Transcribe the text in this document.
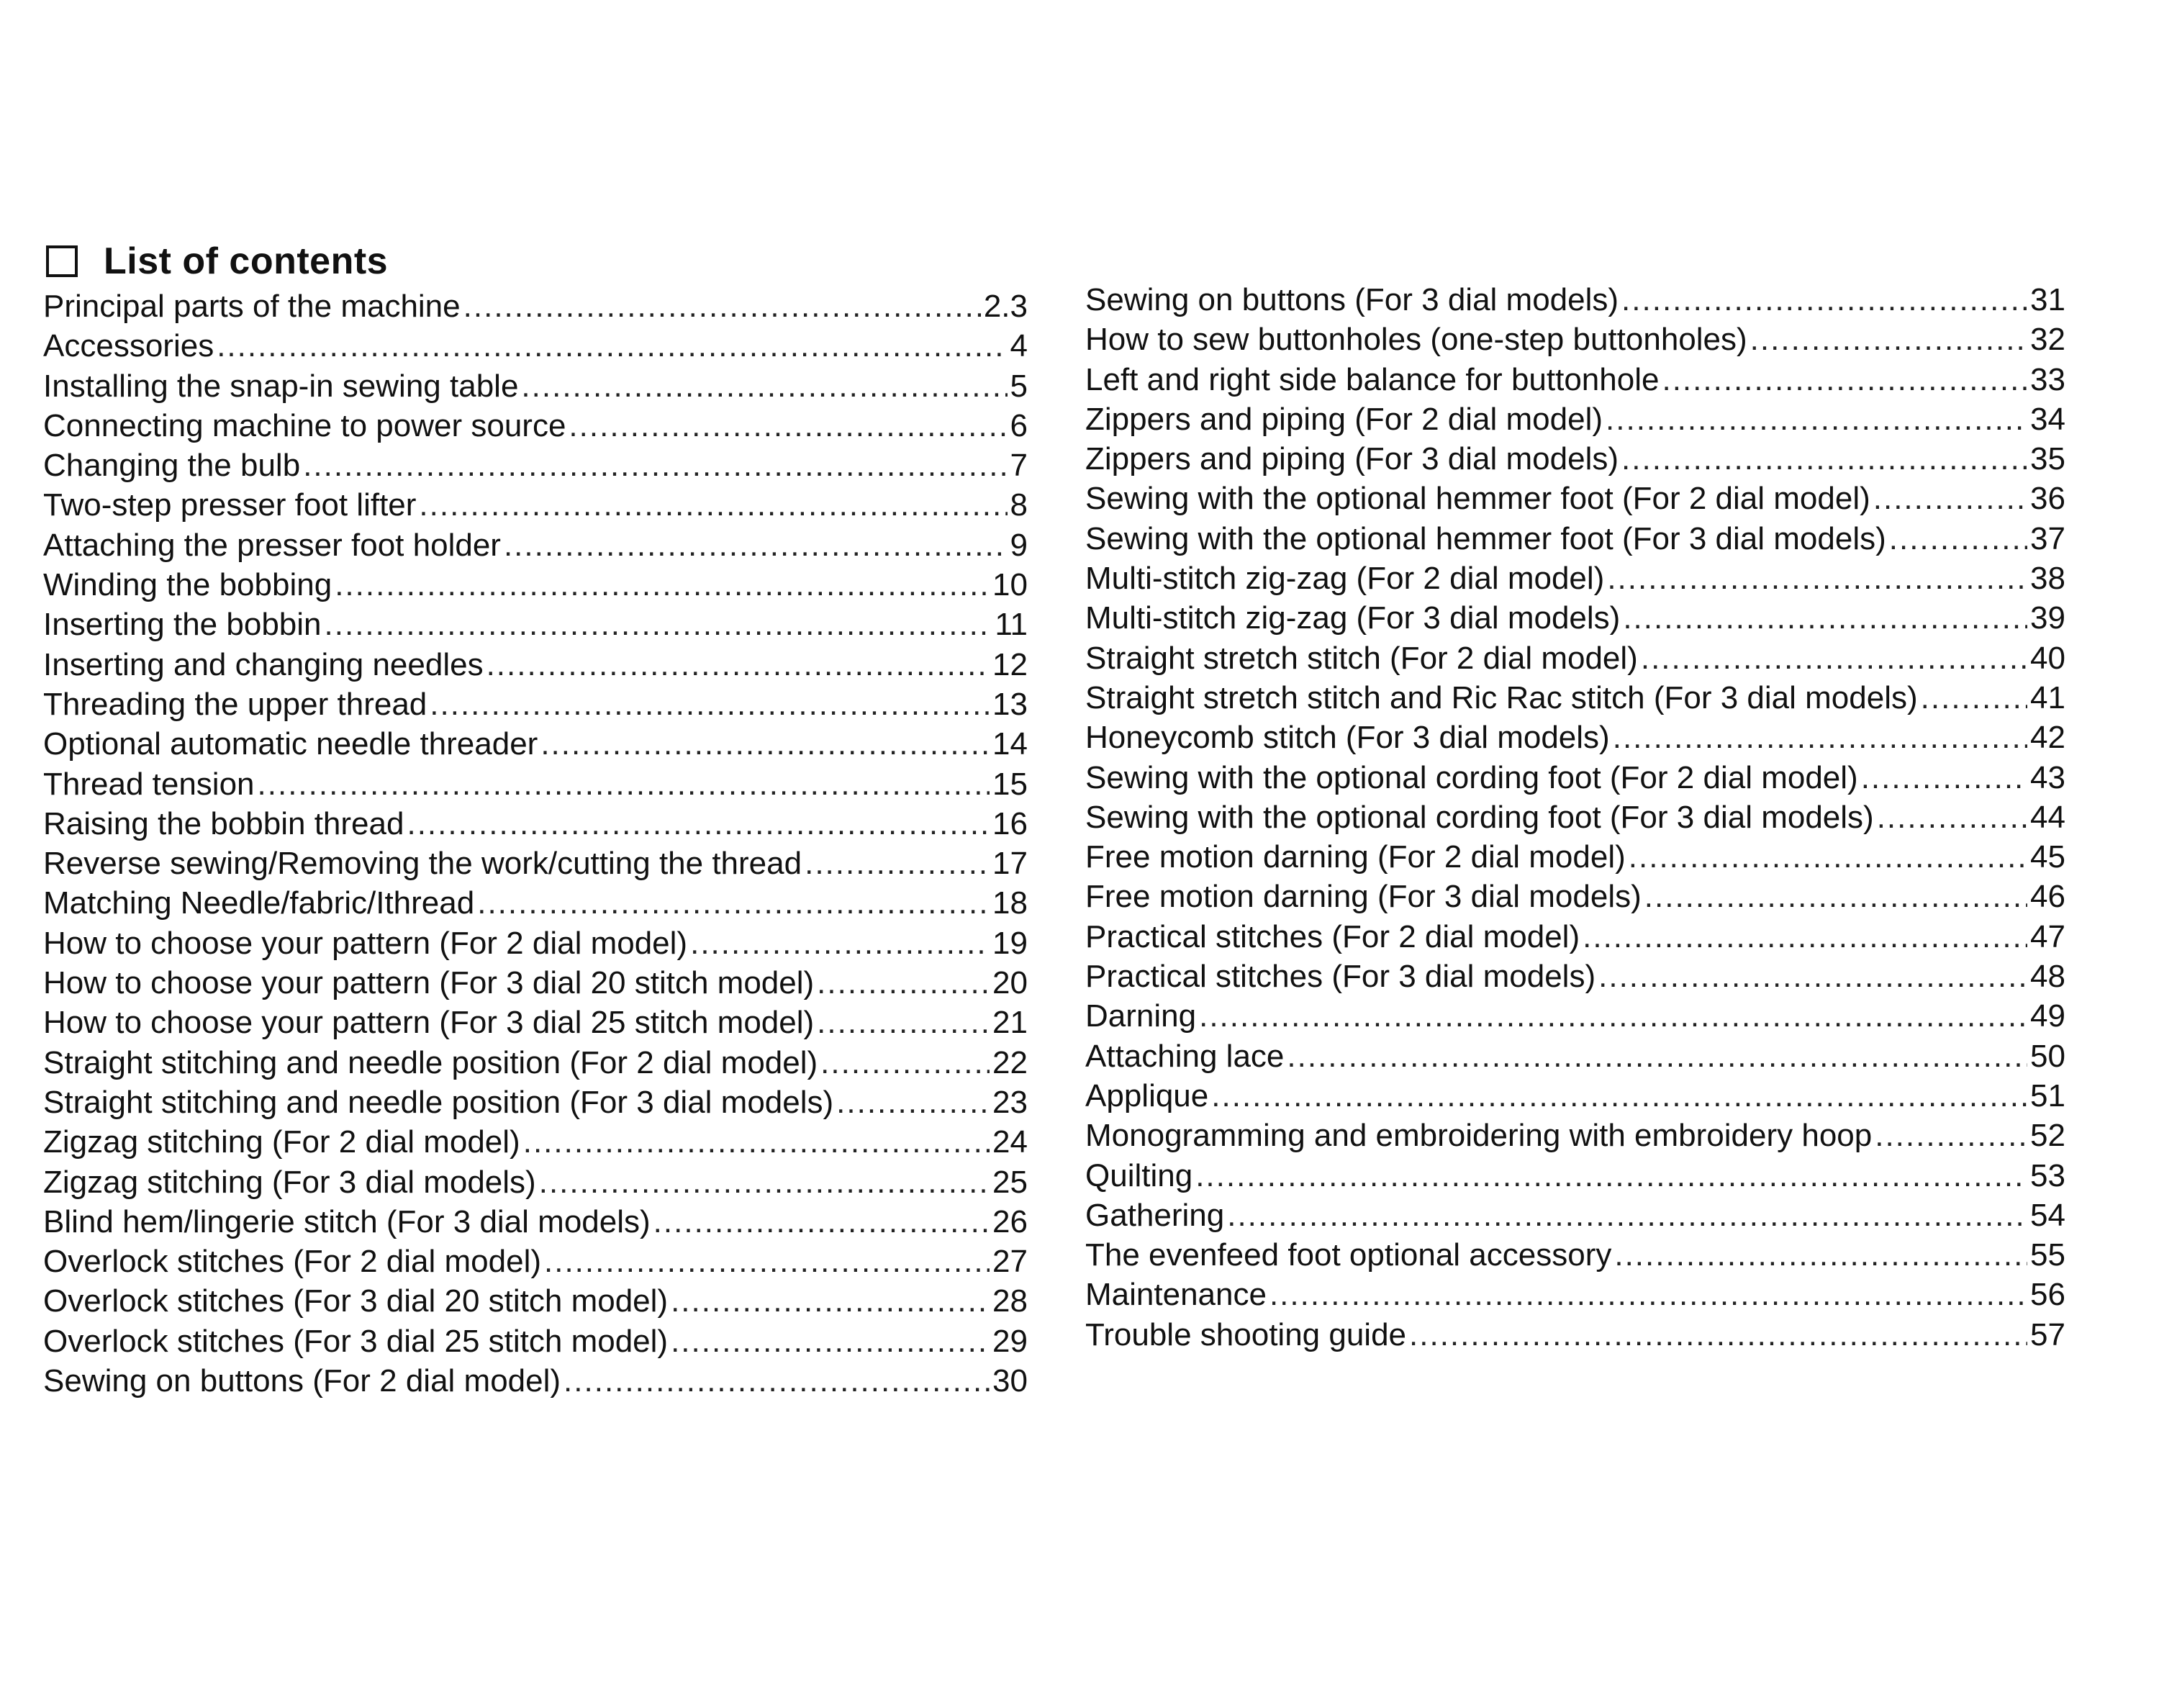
List of contents
Principal parts of the machine .....	2.3
Accessories .....	4
Installing the snap-in sewing table .....	5
Connecting machine to power source .....	6
Changing the bulb .....	7
Two-step presser foot lifter .....	8
Attaching the presser foot holder .....	9
Winding the bobbing .....	10
Inserting the bobbin .....	11
Inserting and changing needles .....	12
Threading the upper thread .....	13
Optional automatic needle threader .....	14
Thread tension .....	15
Raising the bobbin thread .....	16
Reverse sewing/Removing the work/cutting the thread .....	17
Matching Needle/fabric/Ithread .....	18
How to choose your pattern (For 2 dial model) .....	19
How to choose your pattern (For 3 dial 20 stitch model) .....	20
How to choose your pattern (For 3 dial 25 stitch model) .....	21
Straight stitching and needle position (For 2 dial model) .....	22
Straight stitching and needle position (For 3 dial models) .....	23
Zigzag stitching (For 2 dial model) .....	24
Zigzag stitching (For 3 dial models) .....	25
Blind hem/lingerie stitch (For 3 dial models) .....	26
Overlock stitches (For 2 dial model) .....	27
Overlock stitches (For 3 dial 20 stitch model) .....	28
Overlock stitches (For 3 dial 25 stitch model) .....	29
Sewing on buttons (For 2 dial model) .....	30
Sewing on buttons (For 3 dial models) .....	31
How to sew buttonholes (one-step buttonholes) .....	32
Left and right side balance for buttonhole .....	33
Zippers and piping (For 2 dial model) .....	34
Zippers and piping (For 3 dial models) .....	35
Sewing with the optional hemmer foot (For 2 dial model) .....	36
Sewing with the optional hemmer foot (For 3 dial models) .....	37
Multi-stitch zig-zag (For 2 dial model) .....	38
Multi-stitch zig-zag (For 3 dial models) .....	39
Straight stretch stitch (For 2 dial model) .....	40
Straight stretch stitch and Ric Rac stitch (For 3 dial models) .....	41
Honeycomb stitch (For 3 dial models) .....	42
Sewing with the optional cording foot (For 2 dial model) .....	43
Sewing with the optional cording foot (For 3 dial models) .....	44
Free motion darning (For 2 dial model) .....	45
Free motion darning (For 3 dial models) .....	46
Practical stitches (For 2 dial model) .....	47
Practical stitches (For 3 dial models) .....	48
Darning .....	49
Attaching lace .....	50
Applique .....	51
Monogramming and embroidering with embroidery hoop .....	52
Quilting .....	53
Gathering .....	54
The evenfeed foot optional accessory .....	55
Maintenance .....	56
Trouble shooting guide .....	57
